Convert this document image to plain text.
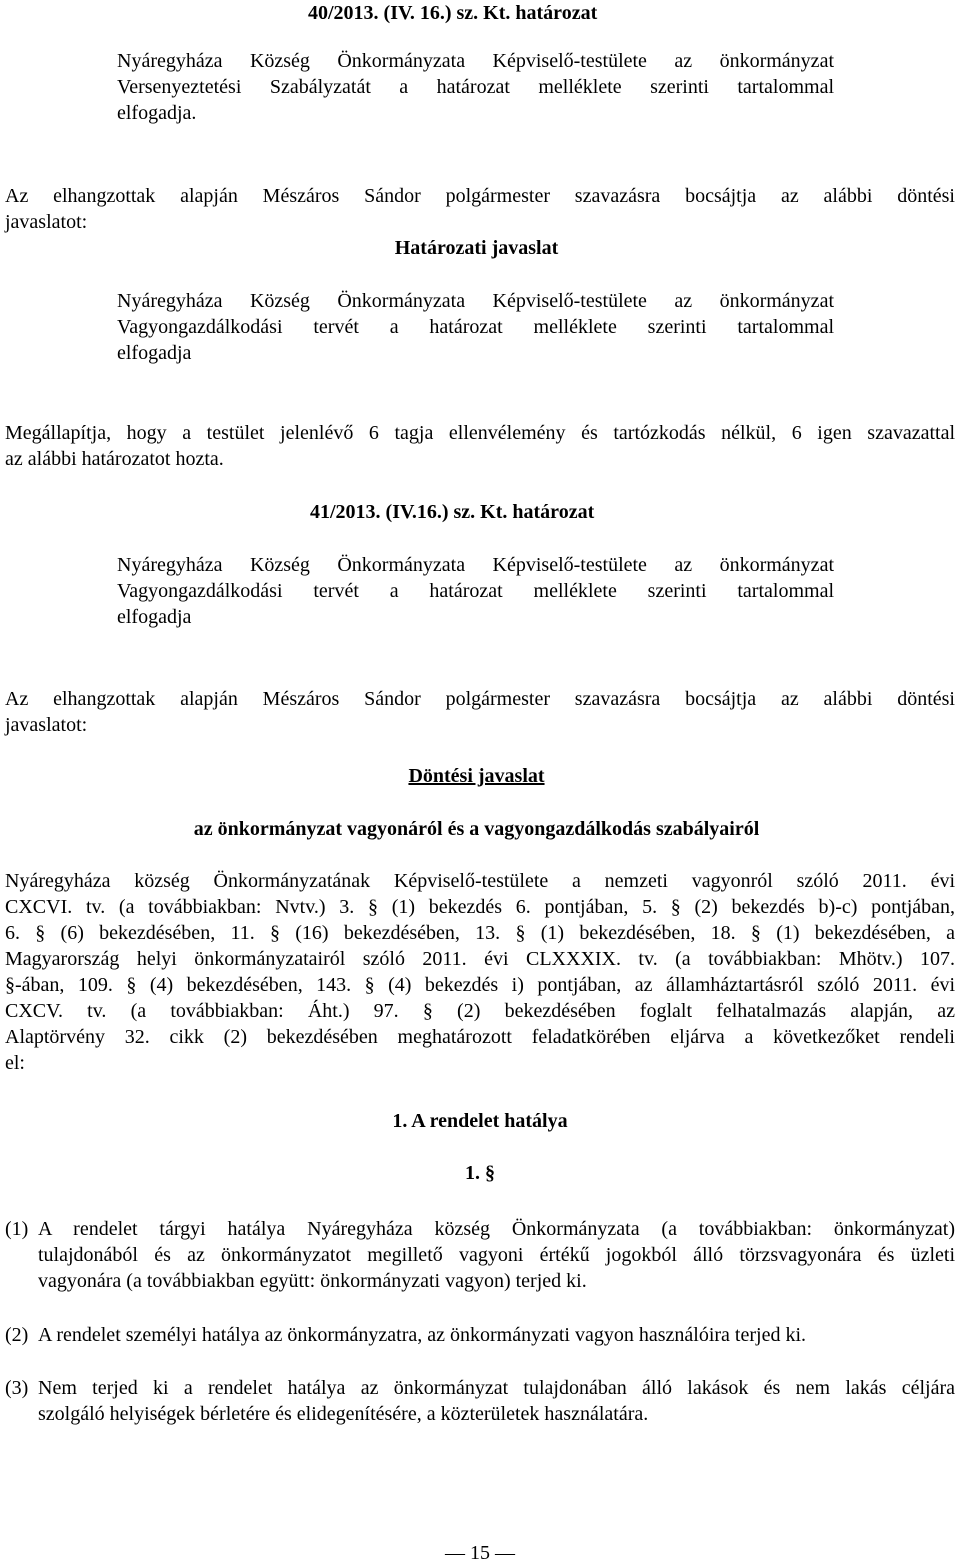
40/2013. (IV. 16.) sz. Kt. határozat
Nyáregyháza Község Önkormányzata Képviselő-testülete az önkormányzat
Versenyeztetési Szabályzatát a határozat melléklete szerinti tartalommal
elfogadja.
Az elhangzottak alapján Mészáros Sándor polgármester szavazásra bocsájtja az alábbi döntési
javaslatot:
Határozati javaslat
Nyáregyháza Község Önkormányzata Képviselő-testülete az önkormányzat
Vagyongazdálkodási tervét a határozat melléklete szerinti tartalommal
elfogadja
Megállapítja, hogy a testület jelenlévő 6 tagja ellenvélemény és tartózkodás nélkül, 6 igen szavazattal
az alábbi határozatot hozta.
41/2013. (IV.16.) sz. Kt. határozat
Nyáregyháza Község Önkormányzata Képviselő-testülete az önkormányzat
Vagyongazdálkodási tervét a határozat melléklete szerinti tartalommal
elfogadja
Az elhangzottak alapján Mészáros Sándor polgármester szavazásra bocsájtja az alábbi döntési
javaslatot:
Döntési javaslat
az önkormányzat vagyonáról és a vagyongazdálkodás szabályairól
Nyáregyháza község Önkormányzatának Képviselő-testülete a nemzeti vagyonról szóló 2011. évi
CXCVI. tv. (a továbbiakban: Nvtv.) 3. § (1) bekezdés 6. pontjában, 5. § (2) bekezdés b)-c) pontjában,
6. § (6) bekezdésében, 11. § (16) bekezdésében, 13. § (1) bekezdésében, 18. § (1) bekezdésében, a
Magyarország helyi önkormányzatairól szóló 2011. évi CLXXXIX. tv. (a továbbiakban: Mhötv.) 107.
§-ában, 109. § (4) bekezdésében, 143. § (4) bekezdés i) pontjában, az államháztartásról szóló 2011. évi
CXCV. tv. (a továbbiakban: Áht.) 97. § (2) bekezdésében foglalt felhatalmazás alapján, az
Alaptörvény 32. cikk (2) bekezdésében meghatározott feladatkörében eljárva a következőket rendeli
el:
1. A rendelet hatálya
1. §
(1) A rendelet tárgyi hatálya Nyáregyháza község Önkormányzata (a továbbiakban: önkormányzat)
tulajdonából és az önkormányzatot megillető vagyoni értékű jogokból álló törzsvagyonára és üzleti
vagyonára (a továbbiakban együtt: önkormányzati vagyon) terjed ki.
(2) A rendelet személyi hatálya az önkormányzatra, az önkormányzati vagyon használóira terjed ki.
(3) Nem terjed ki a rendelet hatálya az önkormányzat tulajdonában álló lakások és nem lakás céljára
szolgáló helyiségek bérletére és elidegenítésére, a közterületek használatára.
— 15 —
